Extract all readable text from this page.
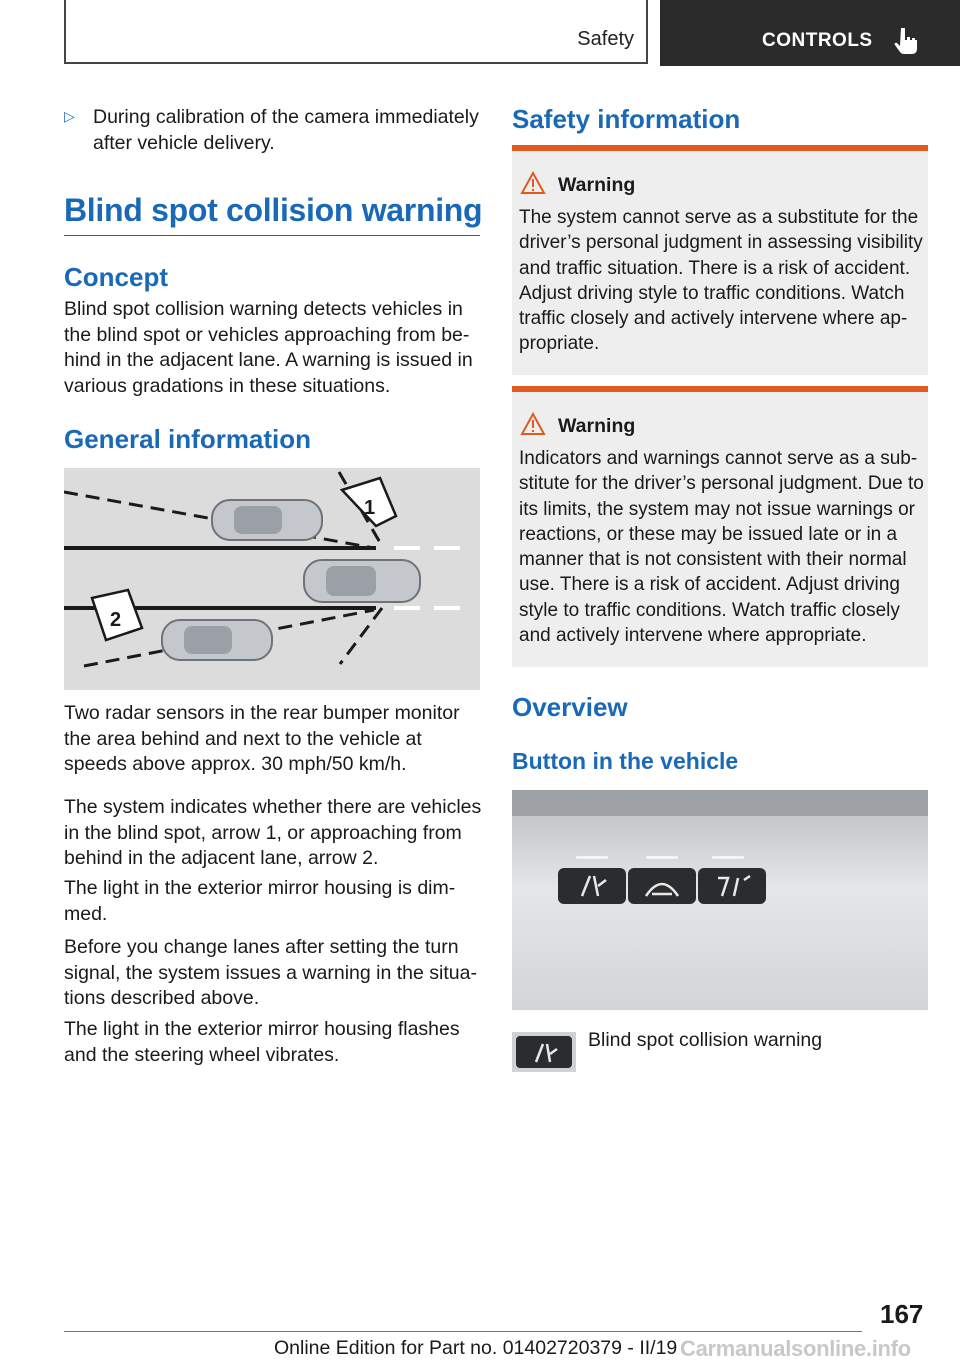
Safety	CONTROLS
▷ During calibration of the camera immediately after vehicle delivery.
Blind spot collision warning
Concept
Blind spot collision warning detects vehicles in the blind spot or vehicles approaching from be-hind in the adjacent lane. A warning is issued in various gradations in these situations.
General information
1
2
Two radar sensors in the rear bumper monitor the area behind and next to the vehicle at speeds above approx. 30 mph/50 km/h.
The system indicates whether there are vehicles in the blind spot, arrow 1, or approaching from behind in the adjacent lane, arrow 2.
The light in the exterior mirror housing is dim-med.
Before you change lanes after setting the turn signal, the system issues a warning in the situa-tions described above.
The light in the exterior mirror housing flashes and the steering wheel vibrates.
Safety information
Warning
The system cannot serve as a substitute for the driver’s personal judgment in assessing visibility and traffic situation. There is a risk of accident. Adjust driving style to traffic conditions. Watch traffic closely and actively intervene where ap-propriate.
Warning
Indicators and warnings cannot serve as a sub-stitute for the driver’s personal judgment. Due to its limits, the system may not issue warnings or reactions, or these may be issued late or in a manner that is not consistent with their normal use. There is a risk of accident. Adjust driving style to traffic conditions. Watch traffic closely and actively intervene where appropriate.
Overview
Button in the vehicle
Blind spot collision warning
167
Online Edition for Part no. 01402720379 - II/19 Carmanualsonline.info
